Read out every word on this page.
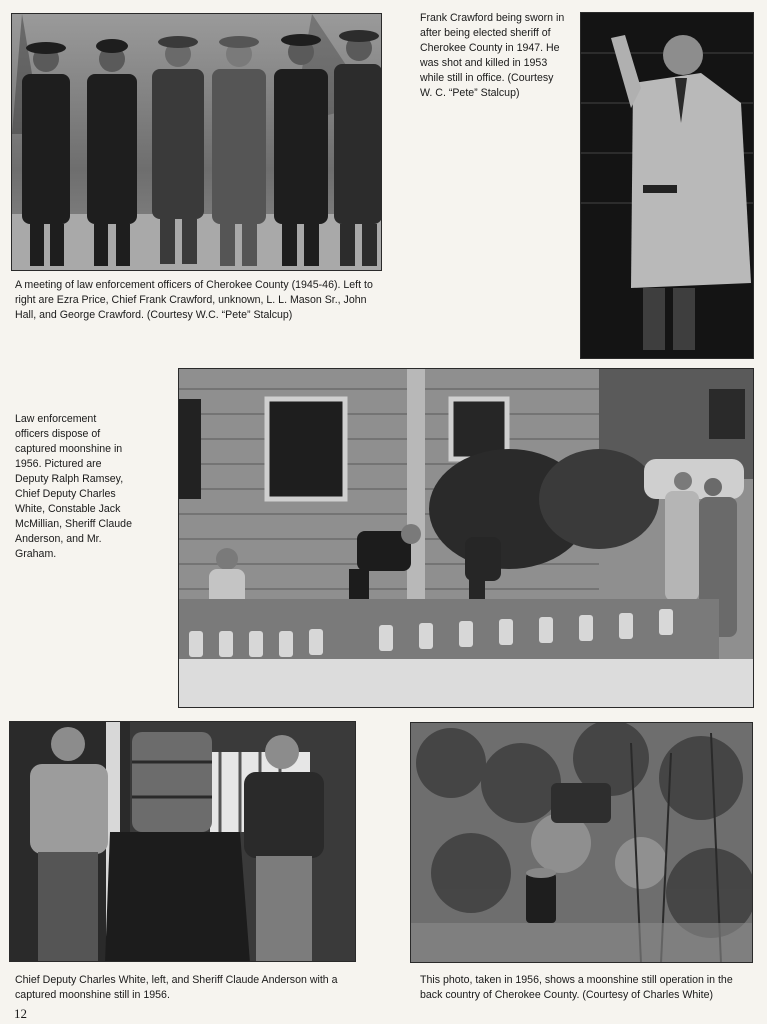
A meeting of law enforcement officers of Cherokee County (1945-46). Left to right are Ezra Price, Chief Frank Crawford, unknown, L. L. Mason Sr., John Hall, and George Crawford. (Courtesy W.C. “Pete” Stalcup)

Frank Crawford being sworn in after being elected sheriff of Cherokee County in 1947. He was shot and killed in 1953 while still in office. (Courtesy W. C. “Pete” Stalcup)

Law enforcement officers dispose of captured moonshine in 1956. Pictured are Deputy Ralph Ramsey, Chief Deputy Charles White, Constable Jack McMillian, Sheriff Claude Anderson, and Mr. Graham.

Chief Deputy Charles White, left, and Sheriff Claude Anderson with a captured moonshine still in 1956.

This photo, taken in 1956, shows a moonshine still operation in the back country of Cherokee County. (Courtesy of Charles White)

12
